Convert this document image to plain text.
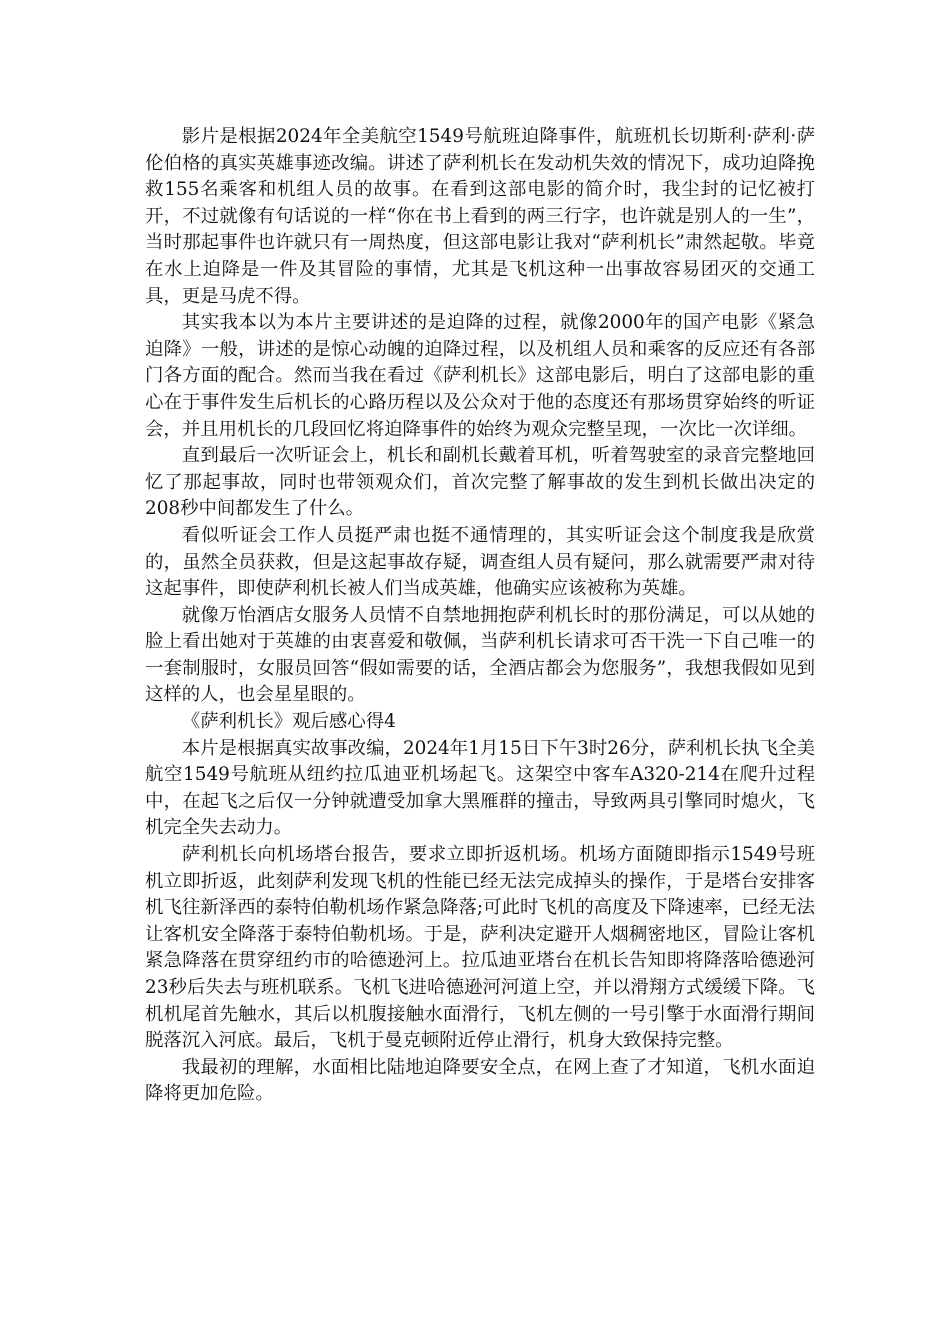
影片是根据2024年全美航空1549号航班迫降事件，航班机长切斯利·萨利·萨伦伯格的真实英雄事迹改编。讲述了萨利机长在发动机失效的情况下，成功迫降挽救155名乘客和机组人员的故事。在看到这部电影的简介时，我尘封的记忆被打开，不过就像有句话说的一样“你在书上看到的两三行字，也许就是别人的一生”，当时那起事件也许就只有一周热度，但这部电影让我对“萨利机长”肃然起敬。毕竟在水上迫降是一件及其冒险的事情，尤其是飞机这种一出事故容易团灭的交通工具，更是马虎不得。

其实我本以为本片主要讲述的是迫降的过程，就像2000年的国产电影《紧急迫降》一般，讲述的是惊心动魄的迫降过程，以及机组人员和乘客的反应还有各部门各方面的配合。然而当我在看过《萨利机长》这部电影后，明白了这部电影的重心在于事件发生后机长的心路历程以及公众对于他的态度还有那场贯穿始终的听证会，并且用机长的几段回忆将迫降事件的始终为观众完整呈现，一次比一次详细。

直到最后一次听证会上，机长和副机长戴着耳机，听着驾驶室的录音完整地回忆了那起事故，同时也带领观众们，首次完整了解事故的发生到机长做出决定的208秒中间都发生了什么。

看似听证会工作人员挺严肃也挺不通情理的，其实听证会这个制度我是欣赏的，虽然全员获救，但是这起事故存疑，调查组人员有疑问，那么就需要严肃对待这起事件，即使萨利机长被人们当成英雄，他确实应该被称为英雄。

就像万怡酒店女服务人员情不自禁地拥抱萨利机长时的那份满足，可以从她的脸上看出她对于英雄的由衷喜爱和敬佩，当萨利机长请求可否干洗一下自己唯一的一套制服时，女服员回答“假如需要的话，全酒店都会为您服务”，我想我假如见到这样的人，也会星星眼的。

《萨利机长》观后感心得4

本片是根据真实故事改编，2024年1月15日下午3时26分，萨利机长执飞全美航空1549号航班从纽约拉瓜迪亚机场起飞。这架空中客车A320-214在爬升过程中，在起飞之后仅一分钟就遭受加拿大黑雁群的撞击，导致两具引擎同时熄火，飞机完全失去动力。

萨利机长向机场塔台报告，要求立即折返机场。机场方面随即指示1549号班机立即折返，此刻萨利发现飞机的性能已经无法完成掉头的操作，于是塔台安排客机飞往新泽西的泰特伯勒机场作紧急降落;可此时飞机的高度及下降速率，已经无法让客机安全降落于泰特伯勒机场。于是，萨利决定避开人烟稠密地区，冒险让客机紧急降落在贯穿纽约市的哈德逊河上。拉瓜迪亚塔台在机长告知即将降落哈德逊河23秒后失去与班机联系。飞机飞进哈德逊河河道上空，并以滑翔方式缓缓下降。飞机机尾首先触水，其后以机腹接触水面滑行，飞机左侧的一号引擎于水面滑行期间脱落沉入河底。最后，飞机于曼克顿附近停止滑行，机身大致保持完整。

我最初的理解，水面相比陆地迫降要安全点，在网上查了才知道，飞机水面迫降将更加危险。
